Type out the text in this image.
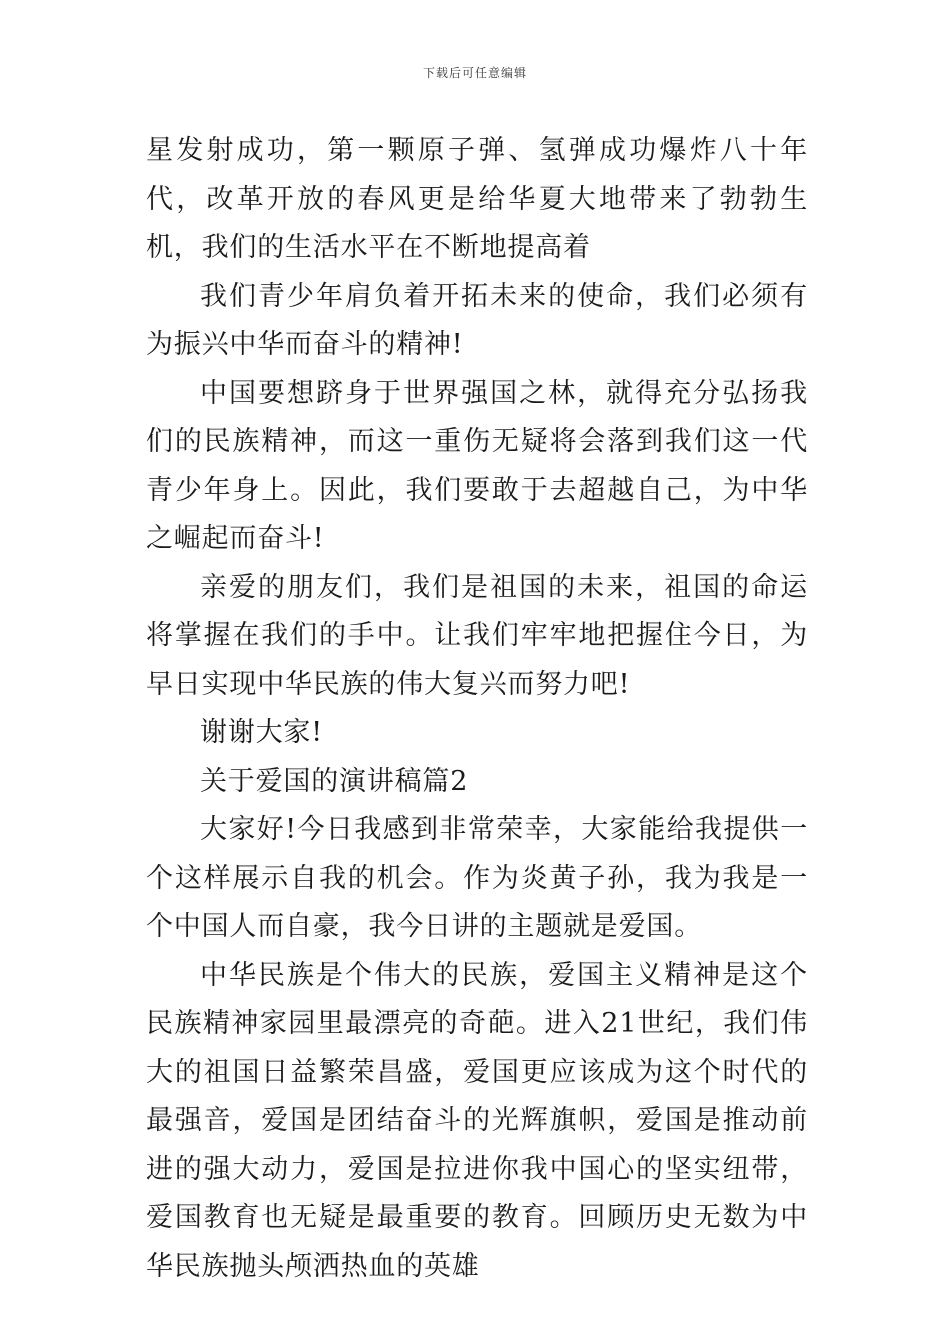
下载后可任意编辑

星发射成功，第一颗原子弹、氢弹成功爆炸八十年代，改革开放的春风更是给华夏大地带来了勃勃生机，我们的生活水平在不断地提高着

我们青少年肩负着开拓未来的使命，我们必须有为振兴中华而奋斗的精神!

中国要想跻身于世界强国之林，就得充分弘扬我们的民族精神，而这一重伤无疑将会落到我们这一代青少年身上。因此，我们要敢于去超越自己，为中华之崛起而奋斗!

亲爱的朋友们，我们是祖国的未来，祖国的命运将掌握在我们的手中。让我们牢牢地把握住今日，为早日实现中华民族的伟大复兴而努力吧!

谢谢大家!

关于爱国的演讲稿篇2

大家好!今日我感到非常荣幸，大家能给我提供一个这样展示自我的机会。作为炎黄子孙，我为我是一个中国人而自豪，我今日讲的主题就是爱国。

中华民族是个伟大的民族，爱国主义精神是这个民族精神家园里最漂亮的奇葩。进入21世纪，我们伟大的祖国日益繁荣昌盛，爱国更应该成为这个时代的最强音，爱国是团结奋斗的光辉旗帜，爱国是推动前进的强大动力，爱国是拉进你我中国心的坚实纽带，爱国教育也无疑是最重要的教育。回顾历史无数为中华民族抛头颅洒热血的英雄
